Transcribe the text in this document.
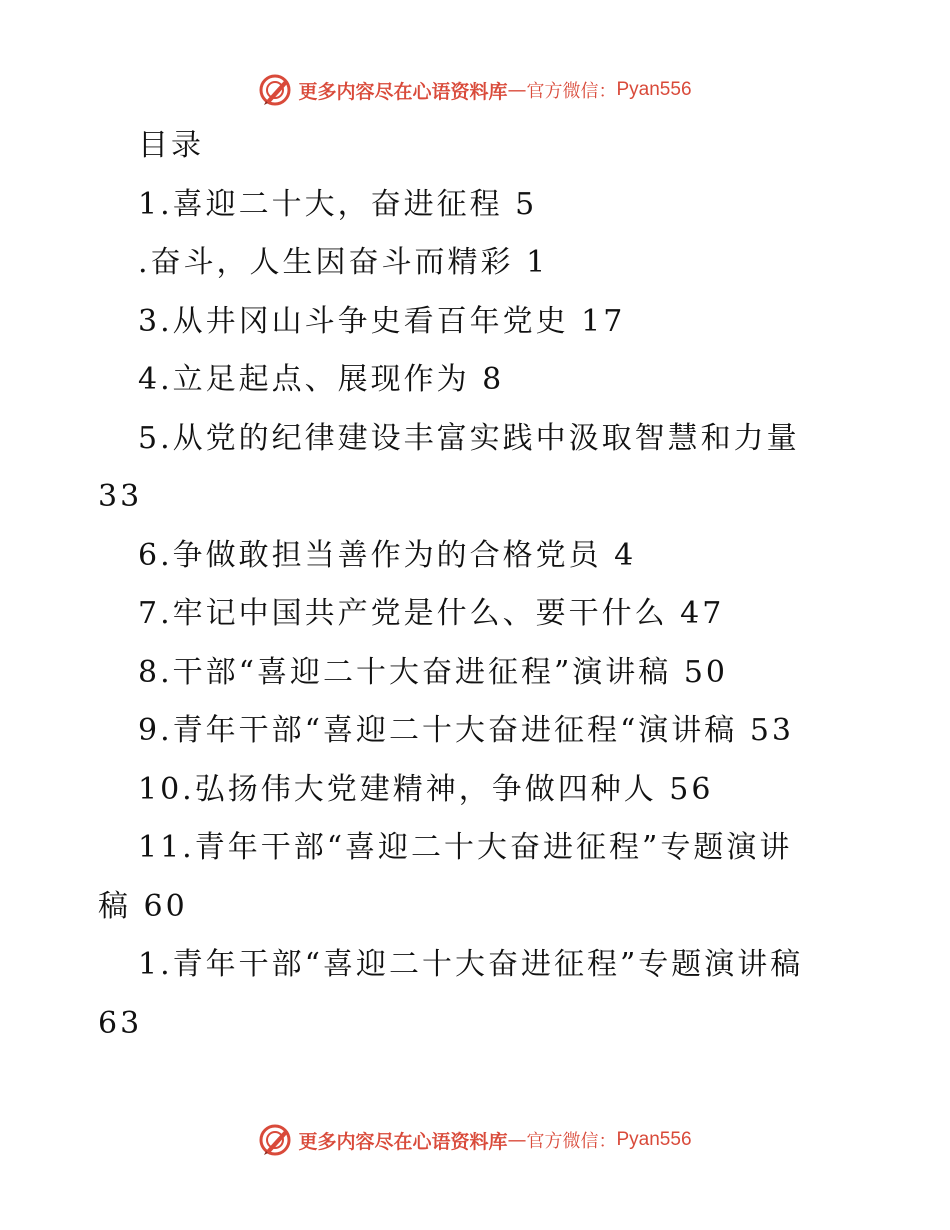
更多内容尽在心语资料库 — 官方微信： Pyan556
目录
1.喜迎二十大，奋进征程 5
.奋斗，人生因奋斗而精彩 1
3.从井冈山斗争史看百年党史 17
4.立足起点、展现作为 8
5.从党的纪律建设丰富实践中汲取智慧和力量
33
6.争做敢担当善作为的合格党员 4
7.牢记中国共产党是什么、要干什么 47
8.干部“喜迎二十大奋进征程”演讲稿 50
9.青年干部“喜迎二十大奋进征程“演讲稿 53
10.弘扬伟大党建精神，争做四种人 56
11.青年干部“喜迎二十大奋进征程”专题演讲
稿 60
1.青年干部“喜迎二十大奋进征程”专题演讲稿
63
更多内容尽在心语资料库 — 官方微信： Pyan556
